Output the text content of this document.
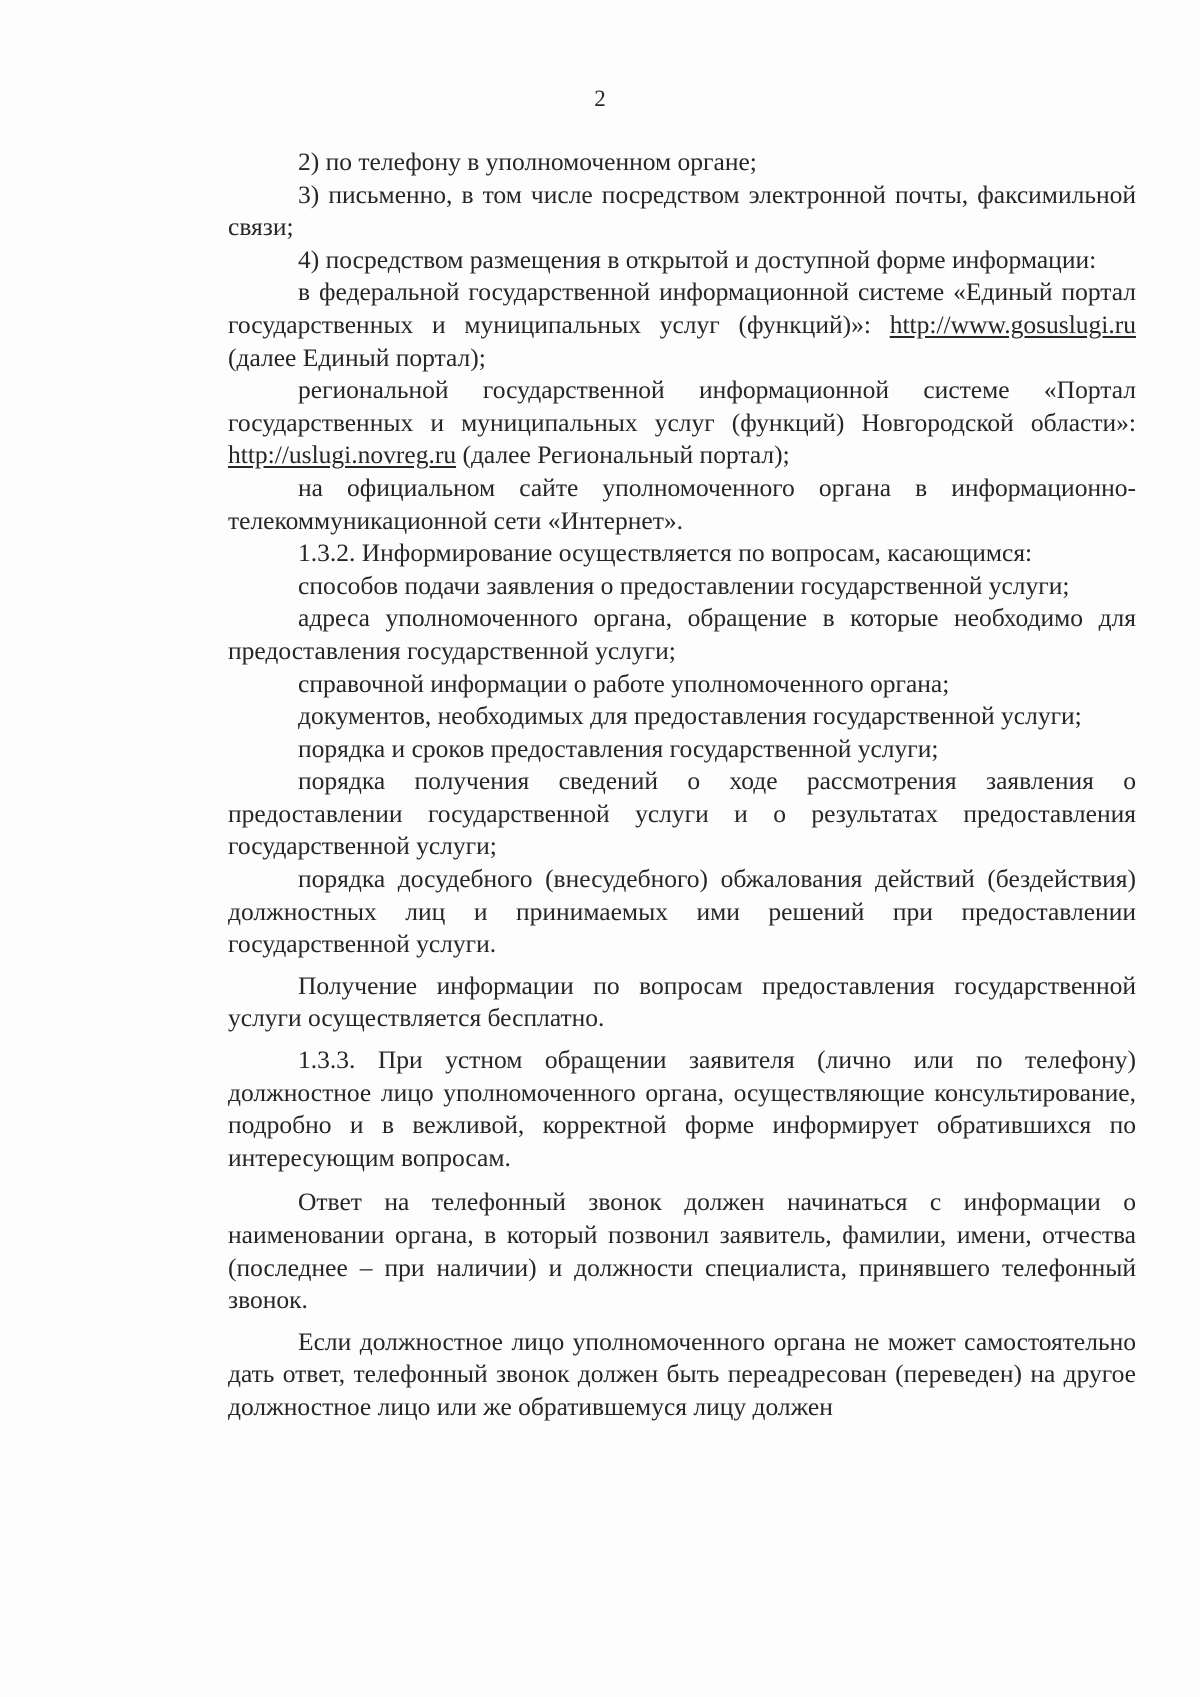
2

2) по телефону в уполномоченном органе;

3) письменно, в том числе посредством электронной почты, факсимильной связи;

4) посредством размещения в открытой и доступной форме информации:

в федеральной государственной информационной системе «Единый портал государственных и муниципальных услуг (функций)»: http://www.gosuslugi.ru (далее Единый портал);

региональной государственной информационной системе «Портал государственных и муниципальных услуг (функций) Новгородской области»: http://uslugi.novreg.ru (далее Региональный портал);

на официальном сайте уполномоченного органа в информационно-телекоммуникационной сети «Интернет».

1.3.2. Информирование осуществляется по вопросам, касающимся:

способов подачи заявления о предоставлении государственной услуги;

адреса уполномоченного органа, обращение в которые необходимо для предоставления государственной услуги;

справочной информации о работе уполномоченного органа;

документов, необходимых для предоставления государственной услуги;

порядка и сроков предоставления государственной услуги;

порядка получения сведений о ходе рассмотрения заявления о предоставлении государственной услуги и о результатах предоставления государственной услуги;

порядка досудебного (внесудебного) обжалования действий (бездействия) должностных лиц и принимаемых ими решений при предоставлении государственной услуги.

Получение информации по вопросам предоставления государственной услуги осуществляется бесплатно.

1.3.3. При устном обращении заявителя (лично или по телефону) должностное лицо уполномоченного органа, осуществляющие консультирование, подробно и в вежливой, корректной форме информирует обратившихся по интересующим вопросам.

Ответ на телефонный звонок должен начинаться с информации о наименовании органа, в который позвонил заявитель, фамилии, имени, отчества (последнее – при наличии) и должности специалиста, принявшего телефонный звонок.

Если должностное лицо уполномоченного органа не может самостоятельно дать ответ, телефонный звонок должен быть переадресован (переведен) на другое должностное лицо или же обратившемуся лицу должен
